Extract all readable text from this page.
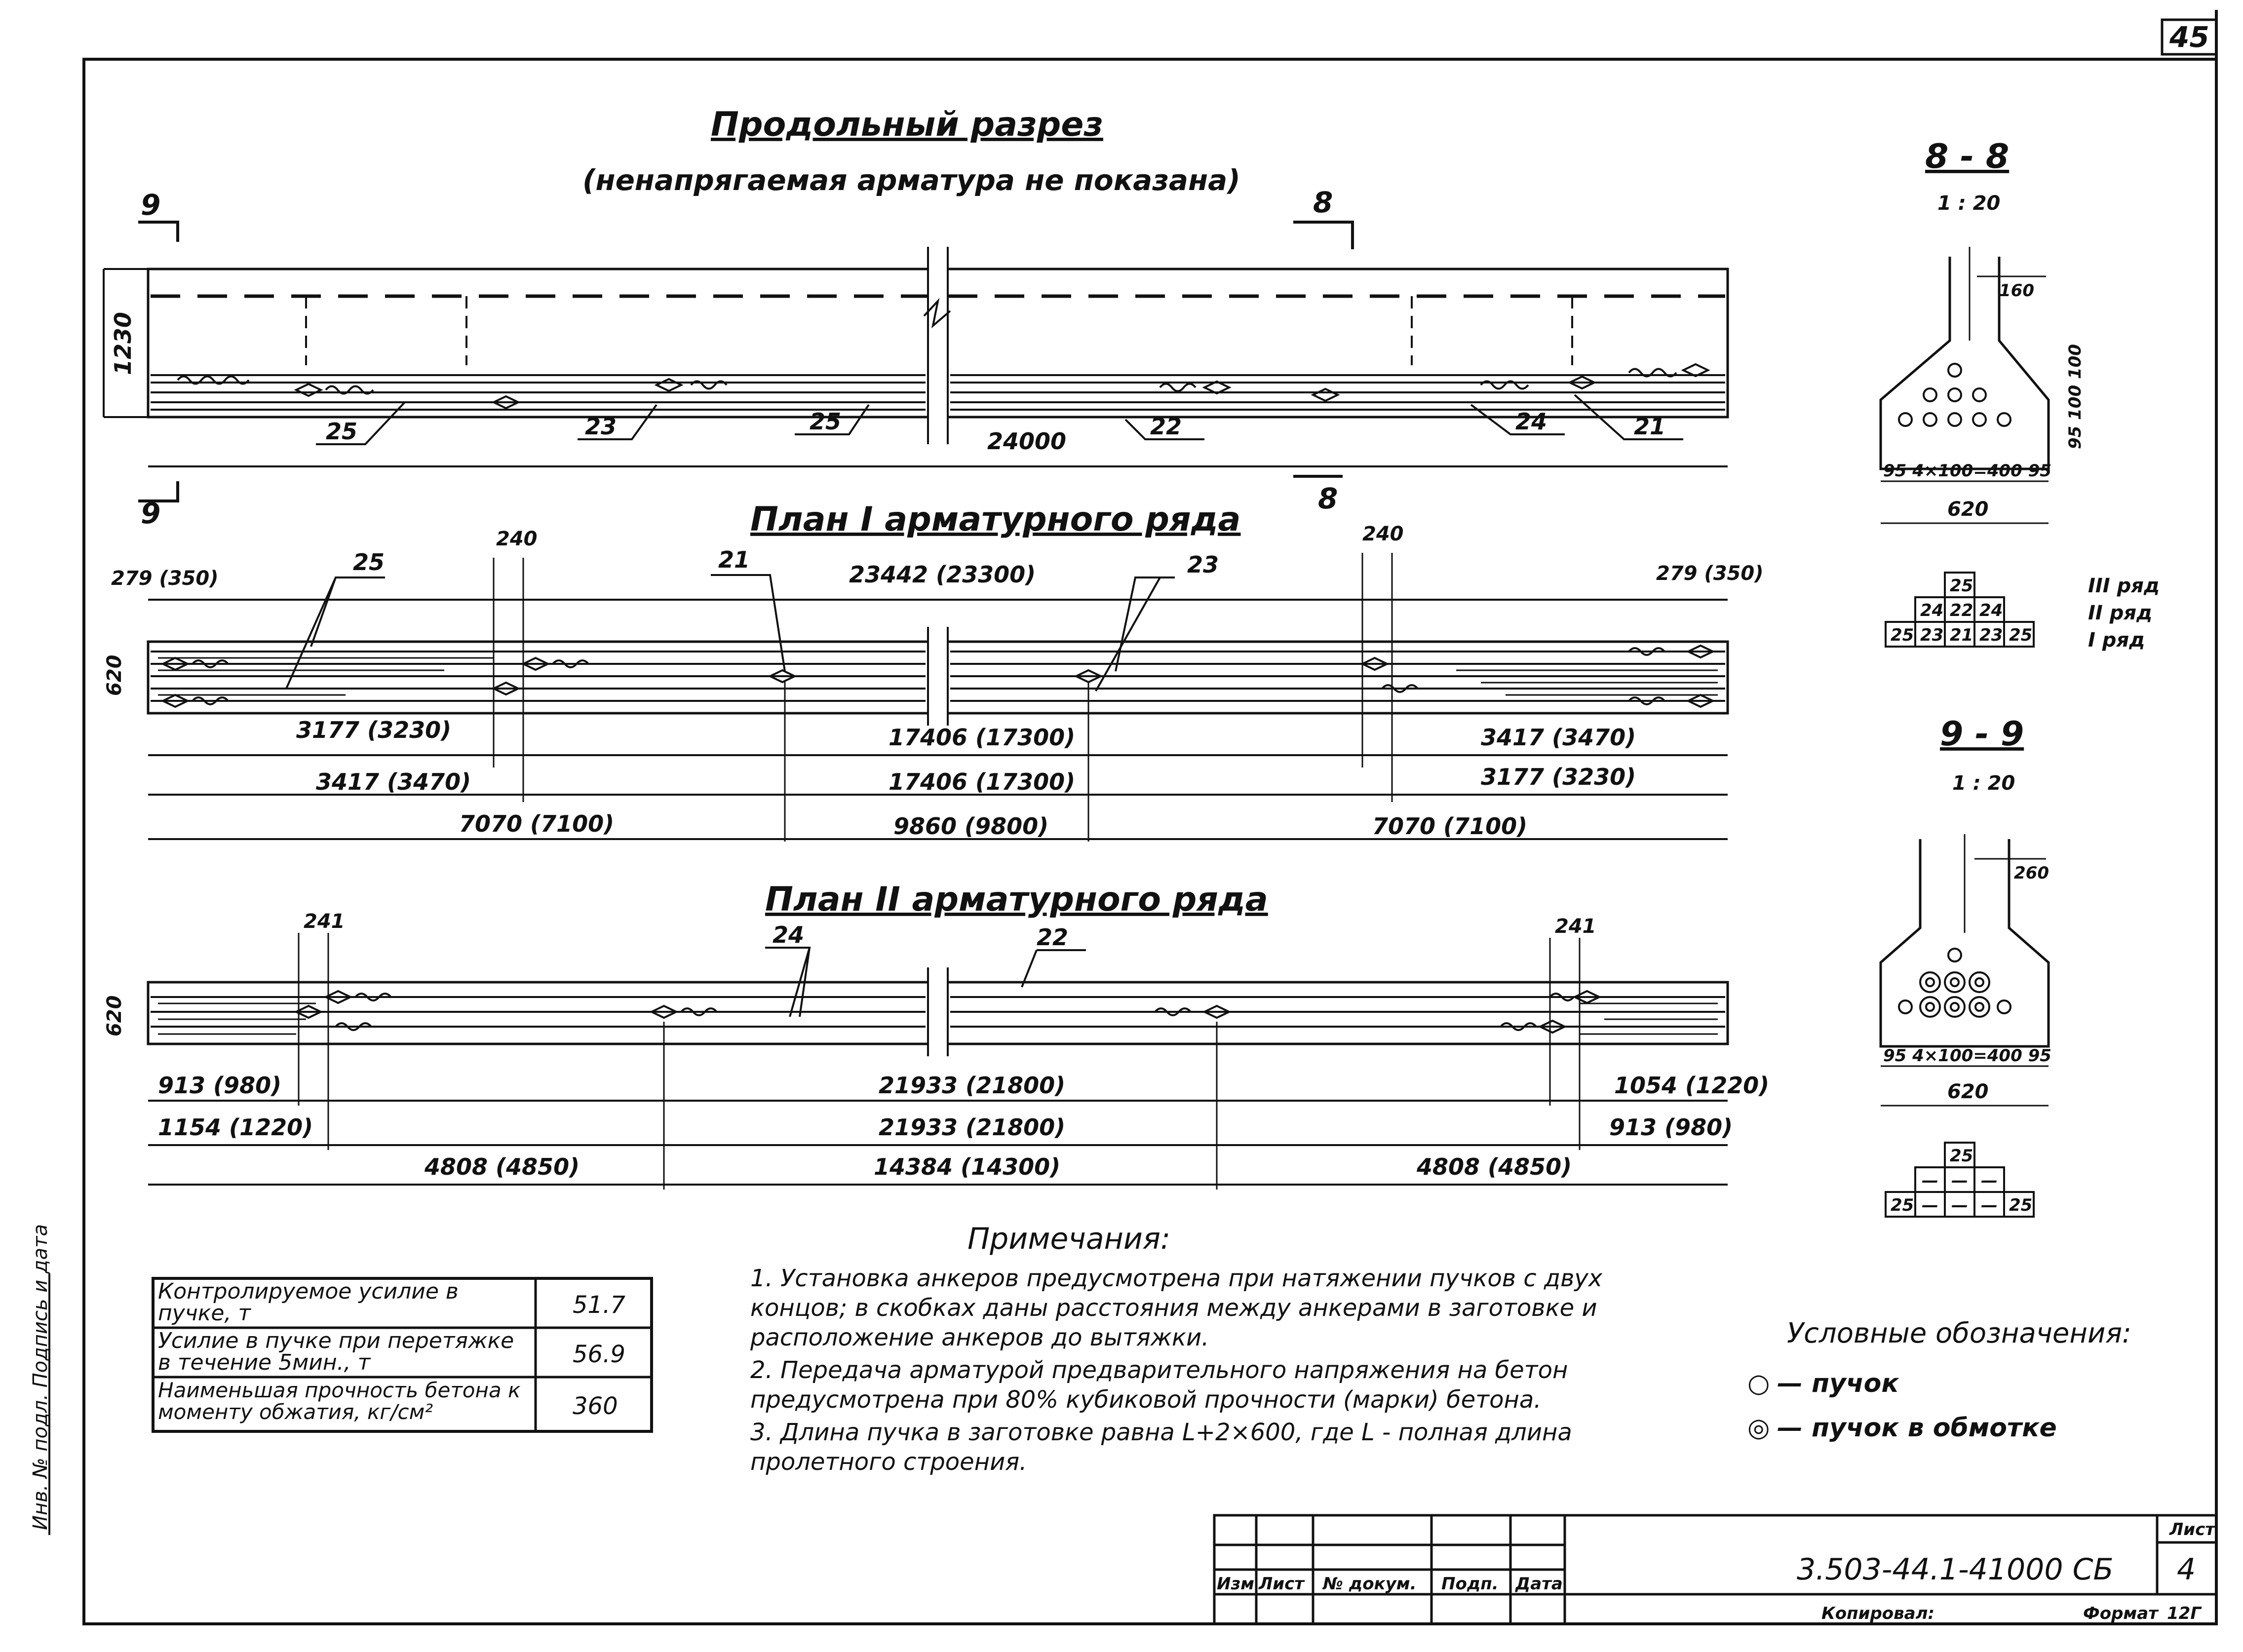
45
Продольный разрез
(ненапрягаемая арматура не показана)
9
9
8
8
1230
25	23	25
24000
22	24	21
План I арматурного ряда
279 (350)	279 (350)
23442 (23300)
240	240
620
25	21	23
3177 (3230)	17406 (17300)	3417 (3470)
3417 (3470)	17406 (17300)	3177 (3230)
7070 (7100)	9860 (9800)	7070 (7100)
План II арматурного ряда
241	241
620
24	22
913 (980)	21933 (21800)	1054 (1220)
1154 (1220)	21933 (21800)	913 (980)
4808 (4850)	14384 (14300)	4808 (4850)
8 - 8
1 : 20
160
95 100 100
95 4×100=400 95
620
25
24 22 24
25 23 21 23 25
III ряд
II ряд
I ряд
9 - 9
1 : 20
260
95 4×100=400 95
620
25
— — —
25 — — — 25
Контролируемое усилие в пучке, т	51.7
Усилие в пучке при перетяжке в течение 5мин., т	56.9
Наименьшая прочность бетона к моменту обжатия, кг/см²	360
Примечания:
1. Установка анкеров предусмотрена при натяжении пучков с двух концов; в скобках даны расстояния между анкерами в заготовке и расположение анкеров до вытяжки.
2. Передача арматурой предварительного напряжения на бетон предусмотрена при 80% кубиковой прочности (марки) бетона.
3. Длина пучка в заготовке равна L+2×600, где L - полная длина пролетного строения.
Условные обозначения:
○ — пучок
◎ — пучок в обмотке
Инв. № подл. Подпись и дата
Изм Лист № докум. Подп. Дата	3.503-44.1-41000 СБ
Лист
4
Копировал:	Формат 12Г
